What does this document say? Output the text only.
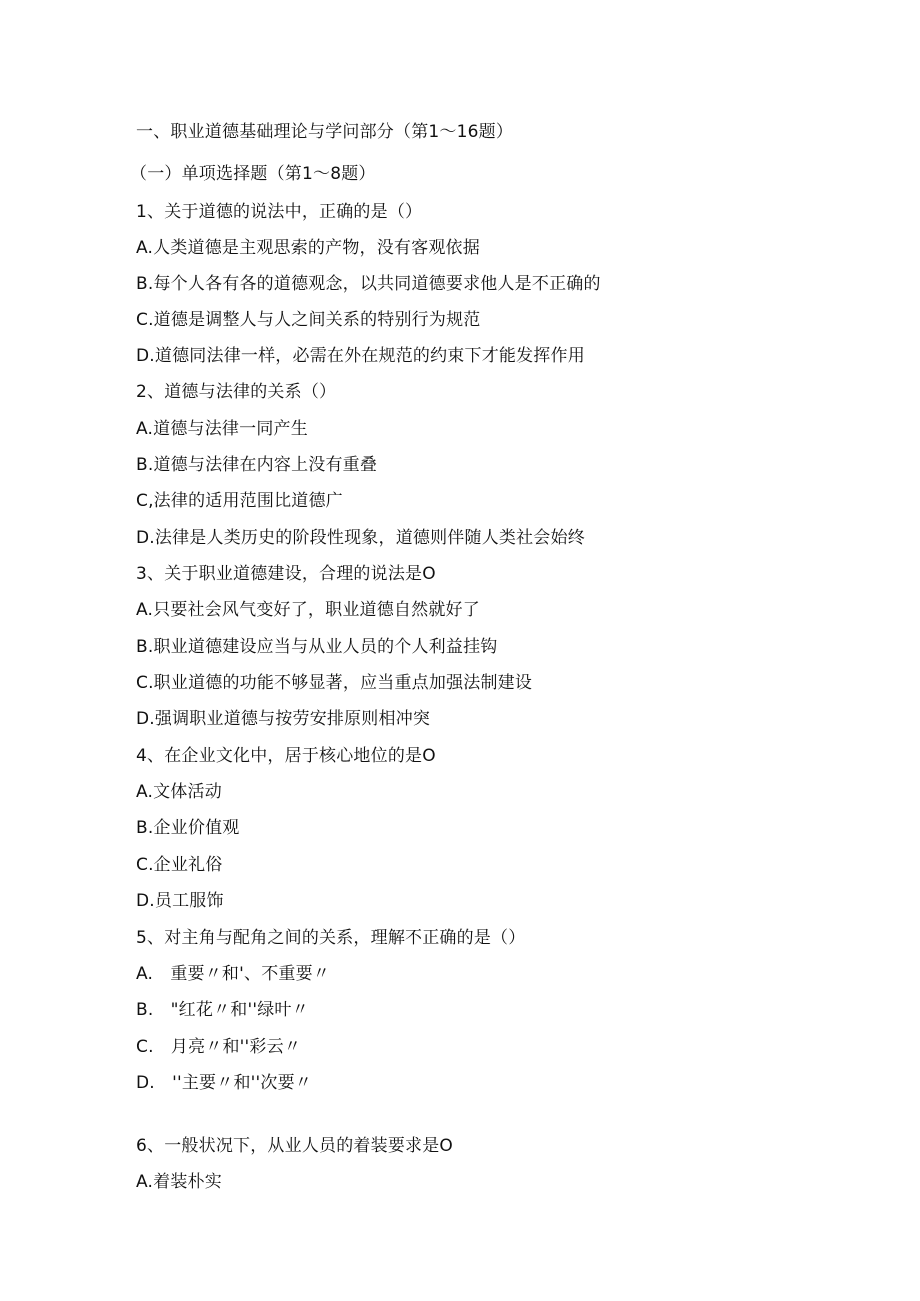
一、职业道德基础理论与学问部分（第1〜16题）
（一）单项选择题（第1〜8题）
1、关于道德的说法中，正确的是（）
A.人类道德是主观思索的产物，没有客观依据
B.每个人各有各的道德观念，以共同道德要求他人是不正确的
C.道德是调整人与人之间关系的特别行为规范
D.道德同法律一样，必需在外在规范的约束下才能发挥作用
2、道德与法律的关系（）
A.道德与法律一同产生
B.道德与法律在内容上没有重叠
C,法律的适用范围比道德广
D.法律是人类历史的阶段性现象，道德则伴随人类社会始终
3、关于职业道德建设，合理的说法是O
A.只要社会风气变好了，职业道德自然就好了
B.职业道德建设应当与从业人员的个人利益挂钩
C.职业道德的功能不够显著，应当重点加强法制建设
D.强调职业道德与按劳安排原则相冲突
4、在企业文化中，居于核心地位的是O
A.文体活动
B.企业价值观
C.企业礼俗
D.员工服饰
5、对主角与配角之间的关系，理解不正确的是（）
A.　重要〃和'、不重要〃
B.　"红花〃和''绿叶〃
C.　月亮〃和''彩云〃
D.　''主要〃和''次要〃
6、一般状况下，从业人员的着装要求是O
A.着装朴实
